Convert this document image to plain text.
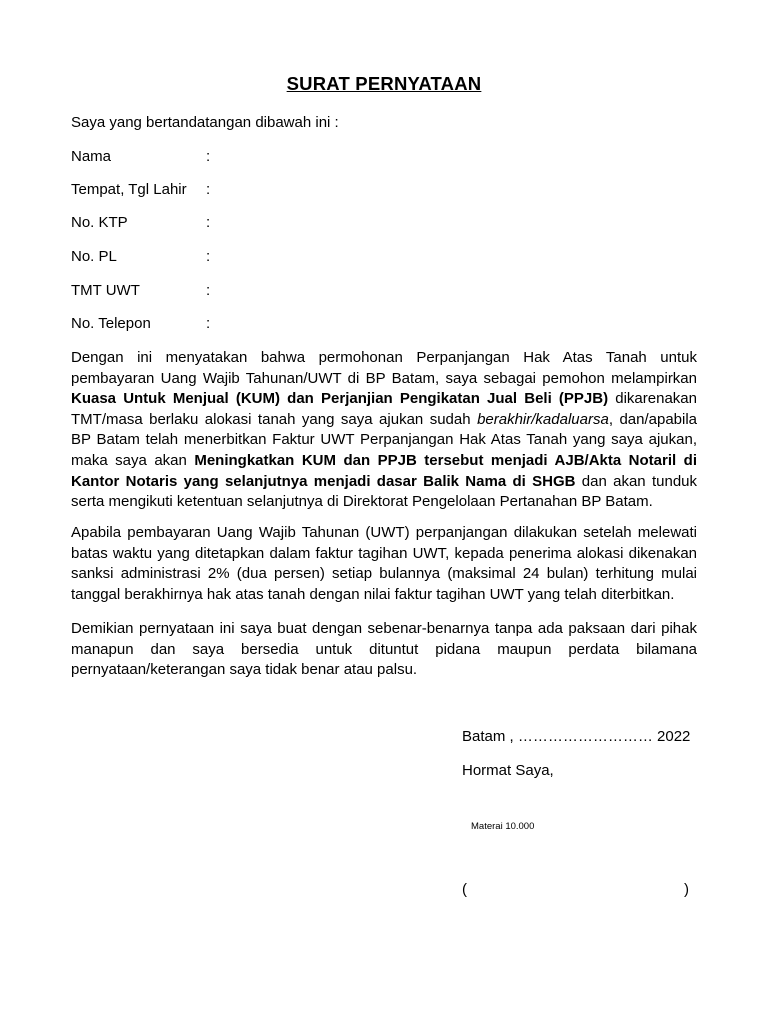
SURAT PERNYATAAN
Saya yang bertandatangan dibawah ini :
Nama	:
Tempat, Tgl Lahir :
No. KTP	:
No. PL	:
TMT UWT	:
No. Telepon	:

Dengan ini menyatakan bahwa permohonan Perpanjangan Hak Atas Tanah untuk pembayaran Uang Wajib Tahunan/UWT di BP Batam, saya sebagai pemohon melampirkan Kuasa Untuk Menjual (KUM) dan Perjanjian Pengikatan Jual Beli (PPJB) dikarenakan TMT/masa berlaku alokasi tanah yang saya ajukan sudah berakhir/kadaluarsa, dan/apabila BP Batam telah menerbitkan Faktur UWT Perpanjangan Hak Atas Tanah yang saya ajukan, maka saya akan Meningkatkan KUM dan PPJB tersebut menjadi AJB/Akta Notaril di Kantor Notaris yang selanjutnya menjadi dasar Balik Nama di SHGB dan akan tunduk serta mengikuti ketentuan selanjutnya di Direktorat Pengelolaan Pertanahan BP Batam.

Apabila pembayaran Uang Wajib Tahunan (UWT) perpanjangan dilakukan setelah melewati batas waktu yang ditetapkan dalam faktur tagihan UWT, kepada penerima alokasi dikenakan sanksi administrasi 2% (dua persen) setiap bulannya (maksimal 24 bulan) terhitung mulai tanggal berakhirnya hak atas tanah dengan nilai faktur tagihan UWT yang telah diterbitkan.

Demikian pernyataan ini saya buat dengan sebenar-benarnya tanpa ada paksaan dari pihak manapun dan saya bersedia untuk dituntut pidana maupun perdata bilamana pernyataan/keterangan saya tidak benar atau palsu.

Batam , ……………………… 2022
Hormat Saya,
Materai 10.000
(	)
